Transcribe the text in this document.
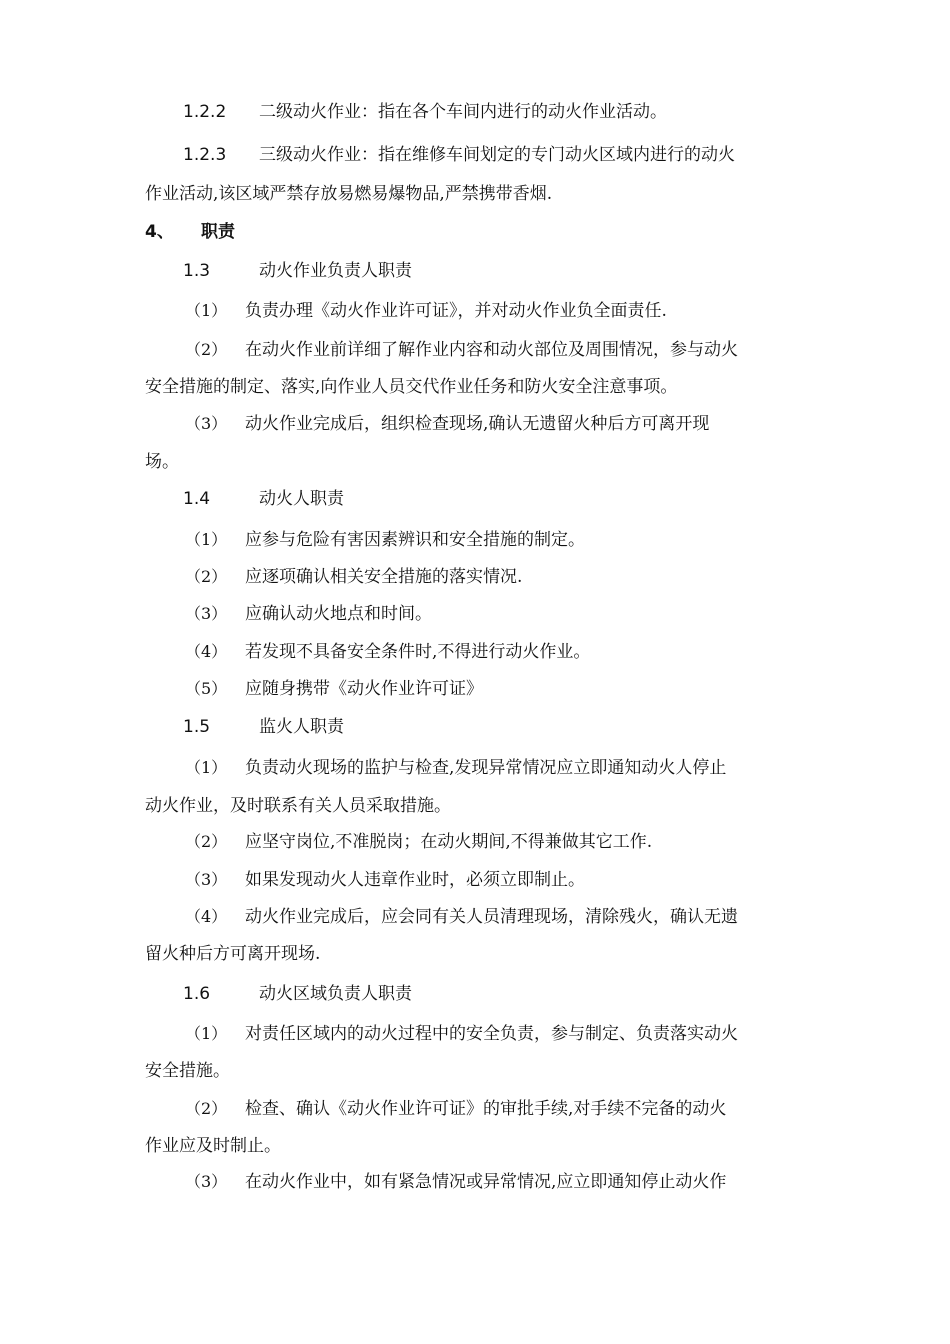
1.2.2 二级动火作业：指在各个车间内进行的动火作业活动。
1.2.3 三级动火作业：指在维修车间划定的专门动火区域内进行的动火
作业活动,该区域严禁存放易燃易爆物品,严禁携带香烟.
4、 职责
1.3	动火作业负责人职责
（1） 负责办理《动火作业许可证》，并对动火作业负全面责任.
（2） 在动火作业前详细了解作业内容和动火部位及周围情况，参与动火
安全措施的制定、落实,向作业人员交代作业任务和防火安全注意事项。
（3） 动火作业完成后，组织检查现场,确认无遗留火种后方可离开现
场。
1.4	动火人职责
（1） 应参与危险有害因素辨识和安全措施的制定。
（2） 应逐项确认相关安全措施的落实情况.
（3） 应确认动火地点和时间。
（4） 若发现不具备安全条件时,不得进行动火作业。
（5） 应随身携带《动火作业许可证》
1.5	监火人职责
（1） 负责动火现场的监护与检查,发现异常情况应立即通知动火人停止
动火作业，及时联系有关人员采取措施。
（2） 应坚守岗位,不准脱岗；在动火期间,不得兼做其它工作.
（3） 如果发现动火人违章作业时，必须立即制止。
（4） 动火作业完成后，应会同有关人员清理现场，清除残火，确认无遗
留火种后方可离开现场.
1.6	动火区域负责人职责
（1） 对责任区域内的动火过程中的安全负责，参与制定、负责落实动火
安全措施。
（2） 检查、确认《动火作业许可证》的审批手续,对手续不完备的动火
作业应及时制止。
（3） 在动火作业中，如有紧急情况或异常情况,应立即通知停止动火作
